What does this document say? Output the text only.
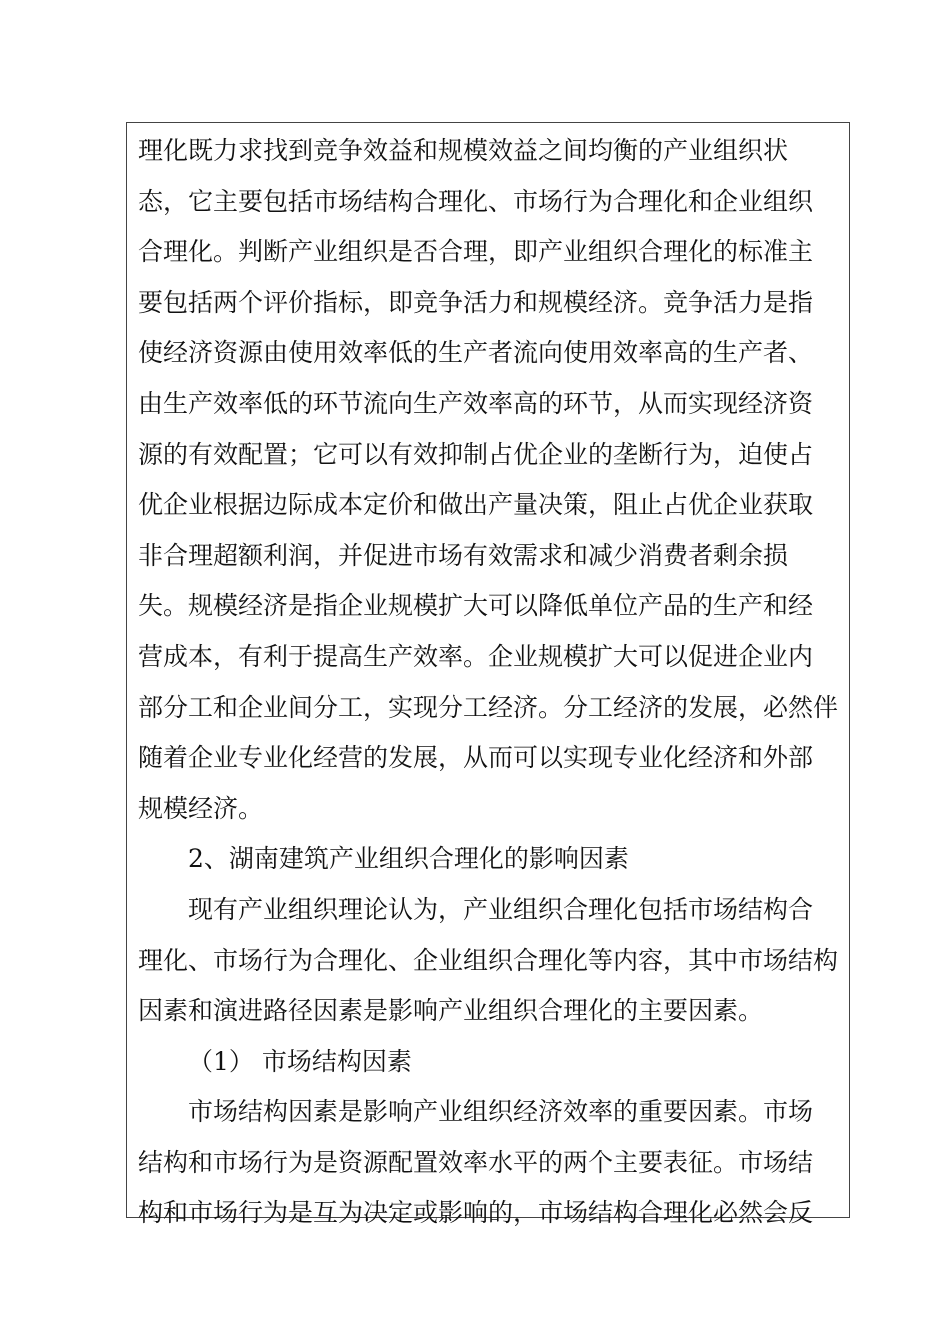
理化既力求找到竞争效益和规模效益之间均衡的产业组织状
态，它主要包括市场结构合理化、市场行为合理化和企业组织
合理化。判断产业组织是否合理，即产业组织合理化的标准主
要包括两个评价指标，即竞争活力和规模经济。竞争活力是指
使经济资源由使用效率低的生产者流向使用效率高的生产者、
由生产效率低的环节流向生产效率高的环节，从而实现经济资
源的有效配置；它可以有效抑制占优企业的垄断行为，迫使占
优企业根据边际成本定价和做出产量决策，阻止占优企业获取
非合理超额利润，并促进市场有效需求和减少消费者剩余损
失。规模经济是指企业规模扩大可以降低单位产品的生产和经
营成本，有利于提高生产效率。企业规模扩大可以促进企业内
部分工和企业间分工，实现分工经济。分工经济的发展，必然伴
随着企业专业化经营的发展，从而可以实现专业化经济和外部
规模经济。
2、湖南建筑产业组织合理化的影响因素
现有产业组织理论认为，产业组织合理化包括市场结构合
理化、市场行为合理化、企业组织合理化等内容，其中市场结构
因素和演进路径因素是影响产业组织合理化的主要因素。
（1） 市场结构因素
市场结构因素是影响产业组织经济效率的重要因素。市场
结构和市场行为是资源配置效率水平的两个主要表征。市场结
构和市场行为是互为决定或影响的，市场结构合理化必然会反
